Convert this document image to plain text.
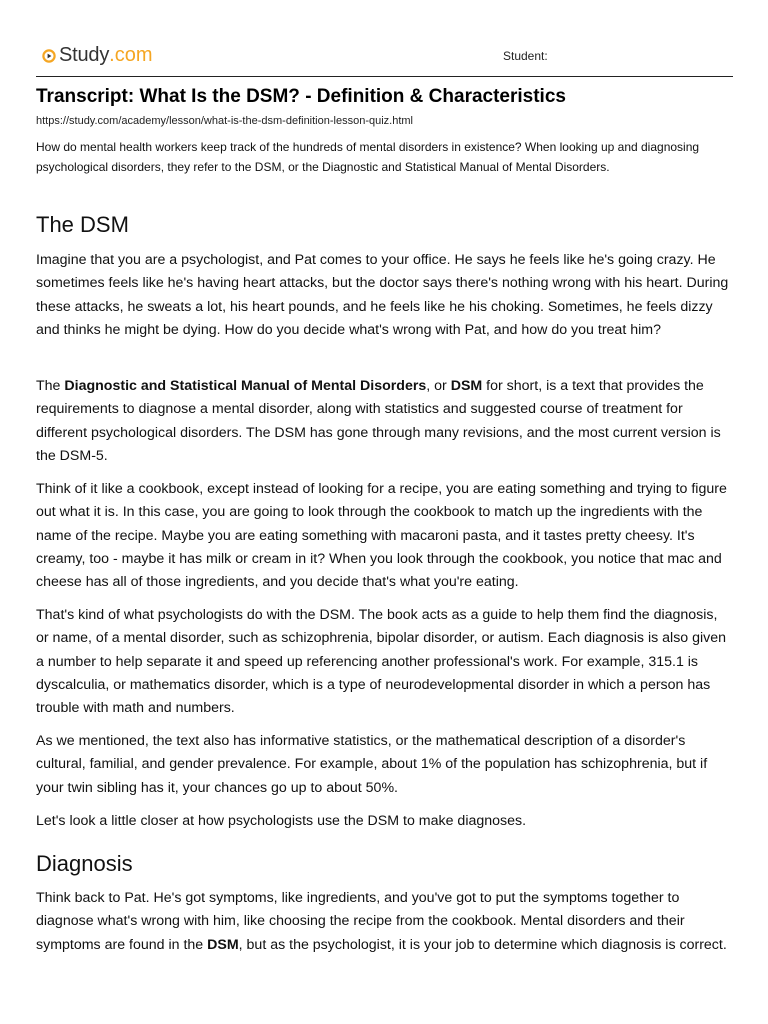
Study .com	Student:
Transcript: What Is the DSM? - Definition & Characteristics
https://study.com/academy/lesson/what-is-the-dsm-definition-lesson-quiz.html

How do mental health workers keep track of the hundreds of mental disorders in existence? When looking up and diagnosing psychological disorders, they refer to the DSM, or the Diagnostic and Statistical Manual of Mental Disorders.

The DSM

Imagine that you are a psychologist, and Pat comes to your office. He says he feels like he's going crazy. He sometimes feels like he's having heart attacks, but the doctor says there's nothing wrong with his heart. During these attacks, he sweats a lot, his heart pounds, and he feels like he his choking. Sometimes, he feels dizzy and thinks he might be dying. How do you decide what's wrong with Pat, and how do you treat him?

The Diagnostic and Statistical Manual of Mental Disorders, or DSM for short, is a text that provides the requirements to diagnose a mental disorder, along with statistics and suggested course of treatment for different psychological disorders. The DSM has gone through many revisions, and the most current version is the DSM-5.

Think of it like a cookbook, except instead of looking for a recipe, you are eating something and trying to figure out what it is. In this case, you are going to look through the cookbook to match up the ingredients with the name of the recipe. Maybe you are eating something with macaroni pasta, and it tastes pretty cheesy. It's creamy, too - maybe it has milk or cream in it? When you look through the cookbook, you notice that mac and cheese has all of those ingredients, and you decide that's what you're eating.

That's kind of what psychologists do with the DSM. The book acts as a guide to help them find the diagnosis, or name, of a mental disorder, such as schizophrenia, bipolar disorder, or autism. Each diagnosis is also given a number to help separate it and speed up referencing another professional's work. For example, 315.1 is dyscalculia, or mathematics disorder, which is a type of neurodevelopmental disorder in which a person has trouble with math and numbers.

As we mentioned, the text also has informative statistics, or the mathematical description of a disorder's cultural, familial, and gender prevalence. For example, about 1% of the population has schizophrenia, but if your twin sibling has it, your chances go up to about 50%.

Let's look a little closer at how psychologists use the DSM to make diagnoses.

Diagnosis

Think back to Pat. He's got symptoms, like ingredients, and you've got to put the symptoms together to diagnose what's wrong with him, like choosing the recipe from the cookbook. Mental disorders and their symptoms are found in the DSM, but as the psychologist, it is your job to determine which diagnosis is correct.
